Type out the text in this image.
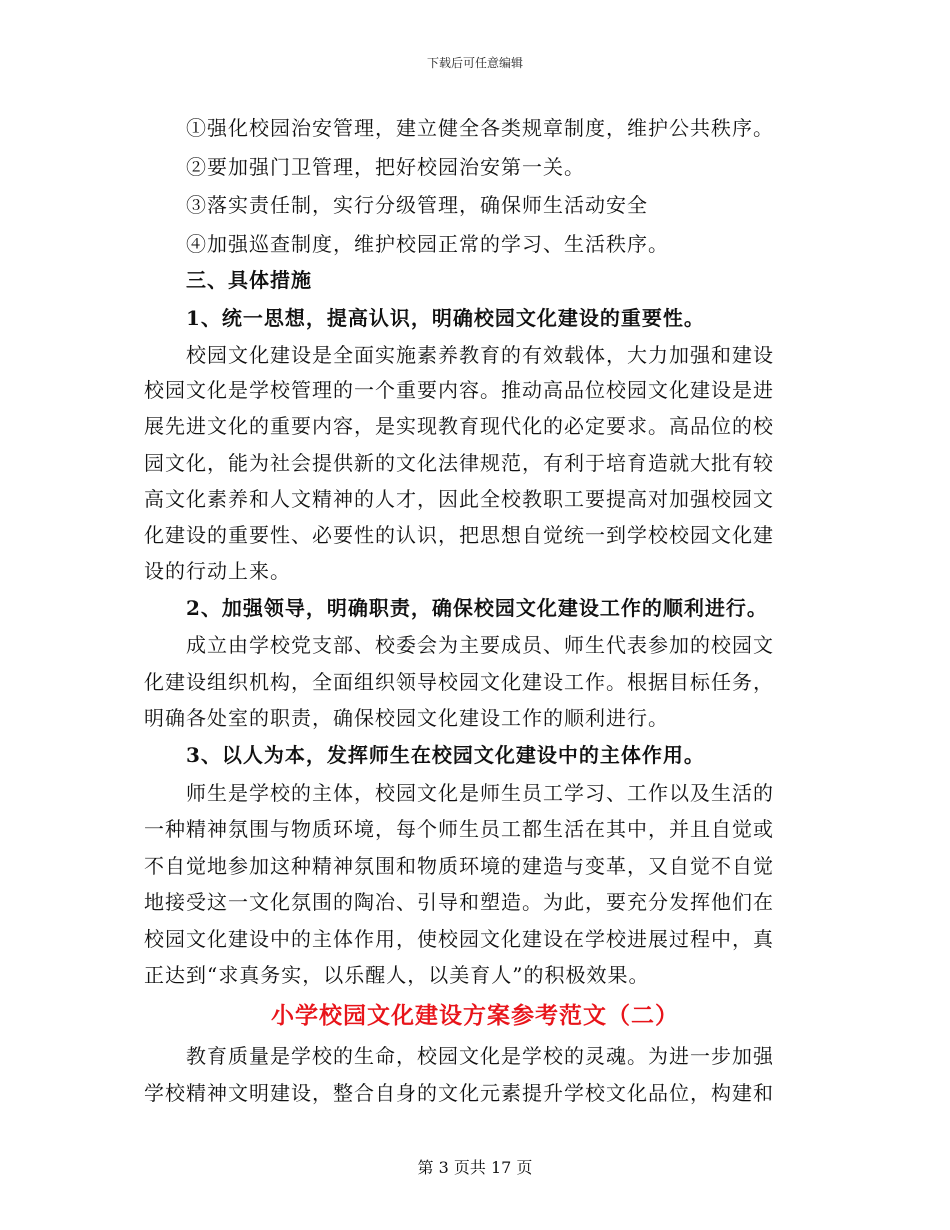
下载后可任意编辑
①强化校园治安管理，建立健全各类规章制度，维护公共秩序。
②要加强门卫管理，把好校园治安第一关。
③落实责任制，实行分级管理，确保师生活动安全
④加强巡查制度，维护校园正常的学习、生活秩序。
三、具体措施
1、统一思想，提高认识，明确校园文化建设的重要性。
校园文化建设是全面实施素养教育的有效载体，大力加强和建设
校园文化是学校管理的一个重要内容。推动高品位校园文化建设是进
展先进文化的重要内容，是实现教育现代化的必定要求。高品位的校
园文化，能为社会提供新的文化法律规范，有利于培育造就大批有较
高文化素养和人文精神的人才，因此全校教职工要提高对加强校园文
化建设的重要性、必要性的认识，把思想自觉统一到学校校园文化建
设的行动上来。
2、加强领导，明确职责，确保校园文化建设工作的顺利进行。
成立由学校党支部、校委会为主要成员、师生代表参加的校园文
化建设组织机构，全面组织领导校园文化建设工作。根据目标任务，
明确各处室的职责，确保校园文化建设工作的顺利进行。
3、以人为本，发挥师生在校园文化建设中的主体作用。
师生是学校的主体，校园文化是师生员工学习、工作以及生活的
一种精神氛围与物质环境，每个师生员工都生活在其中，并且自觉或
不自觉地参加这种精神氛围和物质环境的建造与变革，又自觉不自觉
地接受这一文化氛围的陶冶、引导和塑造。为此，要充分发挥他们在
校园文化建设中的主体作用，使校园文化建设在学校进展过程中，真
正达到“求真务实，以乐醒人，以美育人”的积极效果。
小学校园文化建设方案参考范文（二）
教育质量是学校的生命，校园文化是学校的灵魂。为进一步加强
学校精神文明建设，整合自身的文化元素提升学校文化品位，构建和
第 3 页共 17 页
